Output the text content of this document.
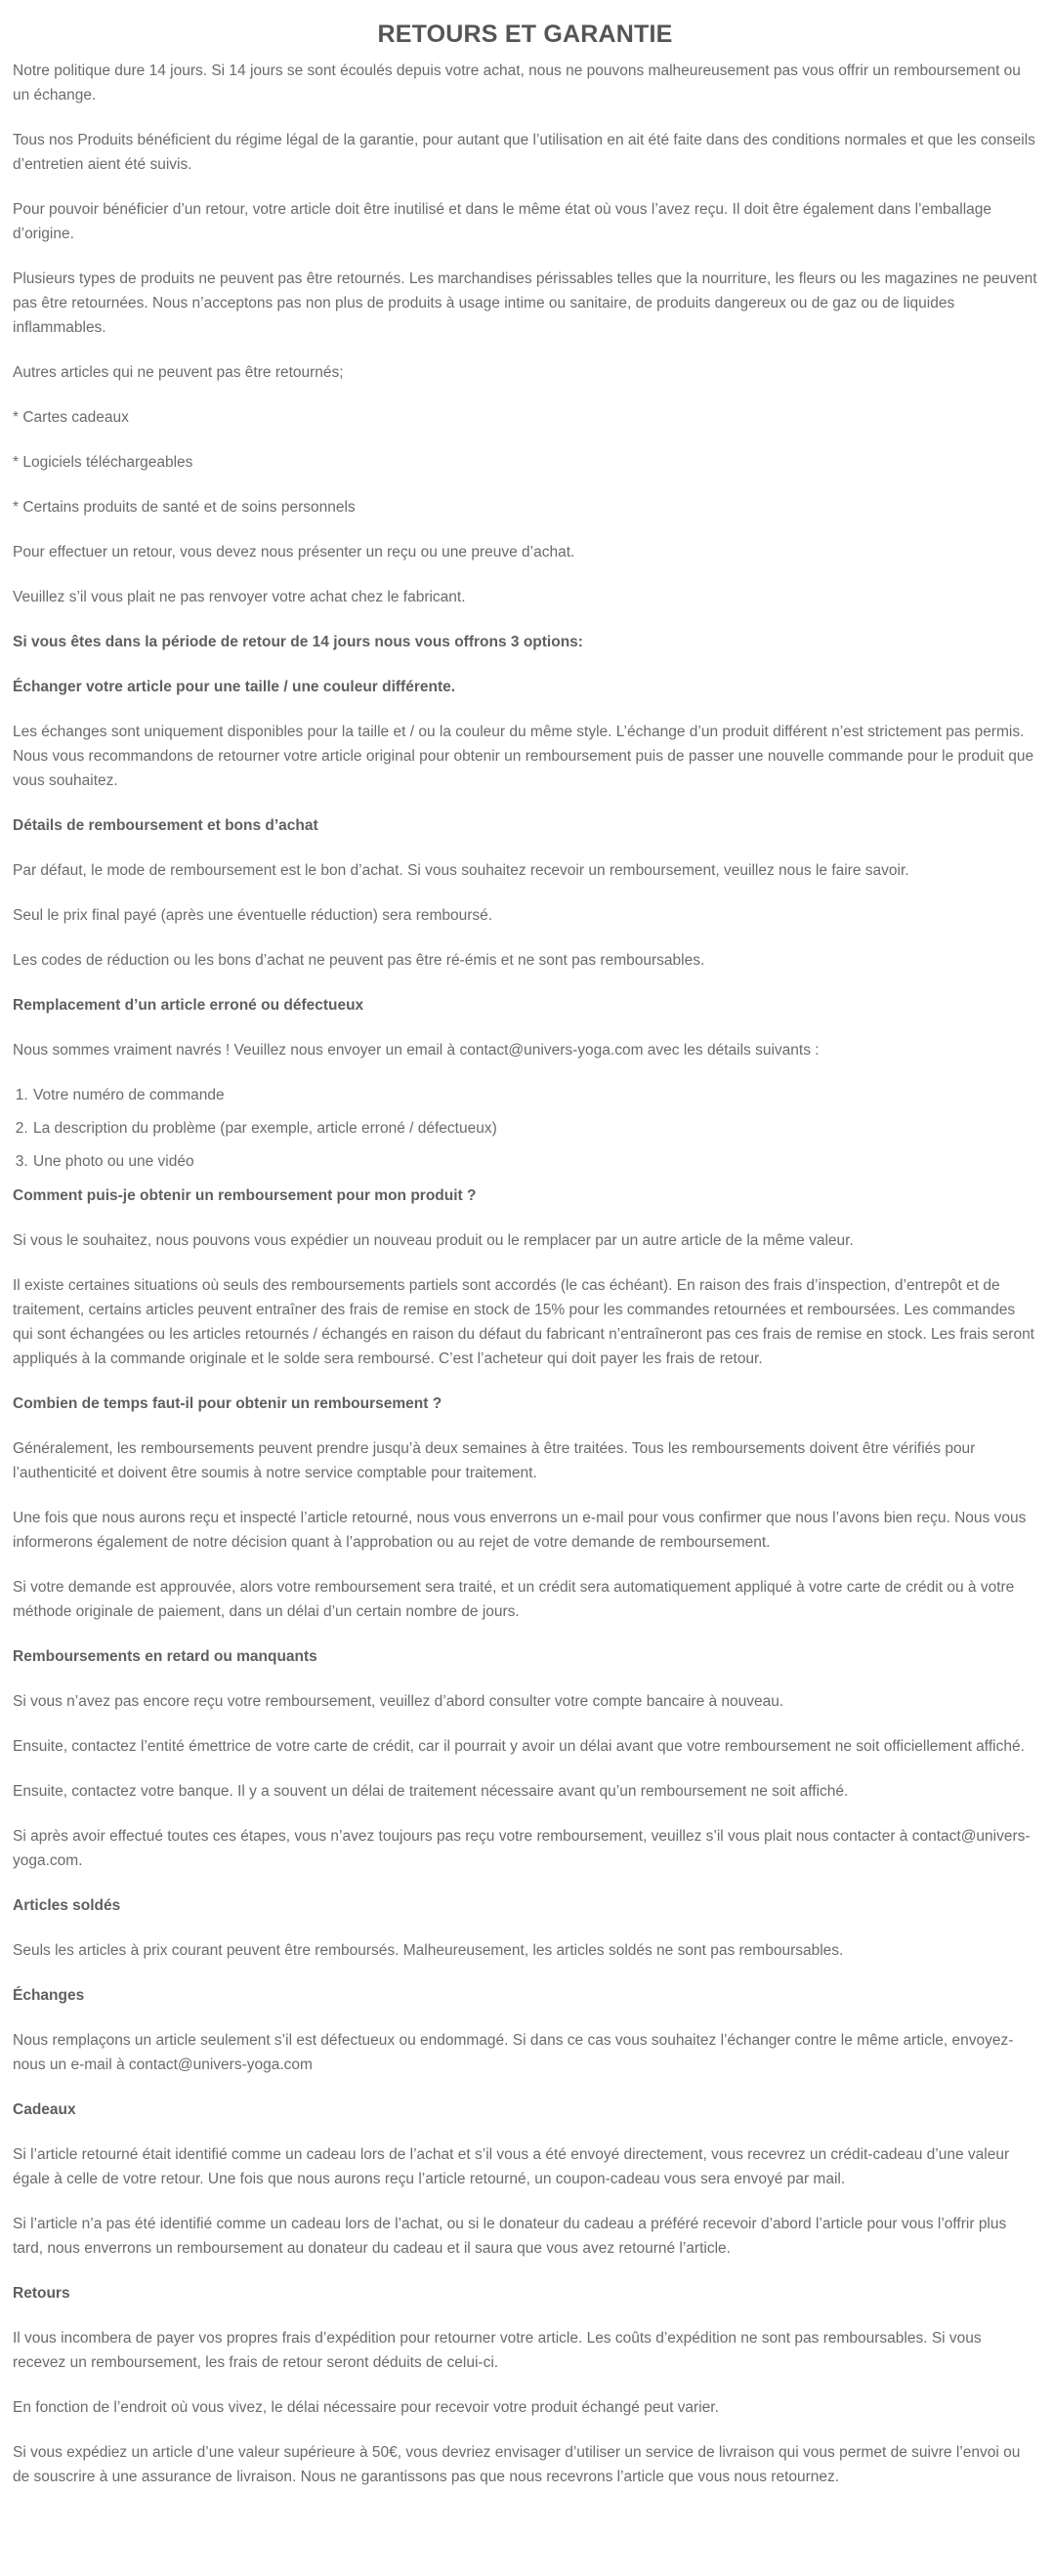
RETOURS ET GARANTIE

Notre politique dure 14 jours. Si 14 jours se sont écoulés depuis votre achat, nous ne pouvons malheureusement pas vous offrir un remboursement ou un échange.

Tous nos Produits bénéficient du régime légal de la garantie, pour autant que l’utilisation en ait été faite dans des conditions normales et que les conseils d’entretien aient été suivis.

Pour pouvoir bénéficier d’un retour, votre article doit être inutilisé et dans le même état où vous l’avez reçu. Il doit être également dans l’emballage d’origine.

Plusieurs types de produits ne peuvent pas être retournés. Les marchandises périssables telles que la nourriture, les fleurs ou les magazines ne peuvent pas être retournées. Nous n’acceptons pas non plus de produits à usage intime ou sanitaire, de produits dangereux ou de gaz ou de liquides inflammables.

Autres articles qui ne peuvent pas être retournés;

* Cartes cadeaux

* Logiciels téléchargeables

* Certains produits de santé et de soins personnels

Pour effectuer un retour, vous devez nous présenter un reçu ou une preuve d’achat.

Veuillez s’il vous plait ne pas renvoyer votre achat chez le fabricant.

Si vous êtes dans la période de retour de 14 jours nous vous offrons 3 options:
Échanger votre article pour une taille / une couleur différente.

Les échanges sont uniquement disponibles pour la taille et / ou la couleur du même style. L’échange d’un produit différent n’est strictement pas permis. Nous vous recommandons de retourner votre article original pour obtenir un remboursement puis de passer une nouvelle commande pour le produit que vous souhaitez.

Détails de remboursement et bons d’achat

Par défaut, le mode de remboursement est le bon d’achat. Si vous souhaitez recevoir un remboursement, veuillez nous le faire savoir.

Seul le prix final payé (après une éventuelle réduction) sera remboursé.

Les codes de réduction ou les bons d’achat ne peuvent pas être ré-émis et ne sont pas remboursables.

Remplacement d’un article erroné ou défectueux

Nous sommes vraiment navrés ! Veuillez nous envoyer un email à contact@univers-yoga.com avec les détails suivants :

1. Votre numéro de commande
2. La description du problème (par exemple, article erroné / défectueux)
3. Une photo ou une vidéo
Comment puis-je obtenir un remboursement pour mon produit ?

Si vous le souhaitez, nous pouvons vous expédier un nouveau produit ou le remplacer par un autre article de la même valeur.

Il existe certaines situations où seuls des remboursements partiels sont accordés (le cas échéant). En raison des frais d’inspection, d’entrepôt et de traitement, certains articles peuvent entraîner des frais de remise en stock de 15% pour les commandes retournées et remboursées. Les commandes qui sont échangées ou les articles retournés / échangés en raison du défaut du fabricant n’entraîneront pas ces frais de remise en stock. Les frais seront appliqués à la commande originale et le solde sera remboursé. C’est l’acheteur qui doit payer les frais de retour.

Combien de temps faut-il pour obtenir un remboursement ?

Généralement, les remboursements peuvent prendre jusqu’à deux semaines à être traitées. Tous les remboursements doivent être vérifiés pour l’authenticité et doivent être soumis à notre service comptable pour traitement.

Une fois que nous aurons reçu et inspecté l’article retourné, nous vous enverrons un e-mail pour vous confirmer que nous l’avons bien reçu. Nous vous informerons également de notre décision quant à l’approbation ou au rejet de votre demande de remboursement.

Si votre demande est approuvée, alors votre remboursement sera traité, et un crédit sera automatiquement appliqué à votre carte de crédit ou à votre méthode originale de paiement, dans un délai d’un certain nombre de jours.

Remboursements en retard ou manquants

Si vous n’avez pas encore reçu votre remboursement, veuillez d’abord consulter votre compte bancaire à nouveau.

Ensuite, contactez l’entité émettrice de votre carte de crédit, car il pourrait y avoir un délai avant que votre remboursement ne soit officiellement affiché.

Ensuite, contactez votre banque. Il y a souvent un délai de traitement nécessaire avant qu’un remboursement ne soit affiché.

Si après avoir effectué toutes ces étapes, vous n’avez toujours pas reçu votre remboursement, veuillez s’il vous plait nous contacter à contact@univers-yoga.com.

Articles soldés

Seuls les articles à prix courant peuvent être remboursés. Malheureusement, les articles soldés ne sont pas remboursables.

Échanges

Nous remplaçons un article seulement s’il est défectueux ou endommagé. Si dans ce cas vous souhaitez l’échanger contre le même article, envoyez-nous un e-mail à contact@univers-yoga.com

Cadeaux

Si l’article retourné était identifié comme un cadeau lors de l’achat et s’il vous a été envoyé directement, vous recevrez un crédit-cadeau d’une valeur égale à celle de votre retour. Une fois que nous aurons reçu l’article retourné, un coupon-cadeau vous sera envoyé par mail.

Si l’article n’a pas été identifié comme un cadeau lors de l’achat, ou si le donateur du cadeau a préféré recevoir d’abord l’article pour vous l’offrir plus tard, nous enverrons un remboursement au donateur du cadeau et il saura que vous avez retourné l’article.

Retours

Il vous incombera de payer vos propres frais d’expédition pour retourner votre article. Les coûts d’expédition ne sont pas remboursables. Si vous recevez un remboursement, les frais de retour seront déduits de celui-ci.

En fonction de l’endroit où vous vivez, le délai nécessaire pour recevoir votre produit échangé peut varier.

Si vous expédiez un article d’une valeur supérieure à 50€, vous devriez envisager d’utiliser un service de livraison qui vous permet de suivre l’envoi ou de souscrire à une assurance de livraison. Nous ne garantissons pas que nous recevrons l’article que vous nous retournez.
